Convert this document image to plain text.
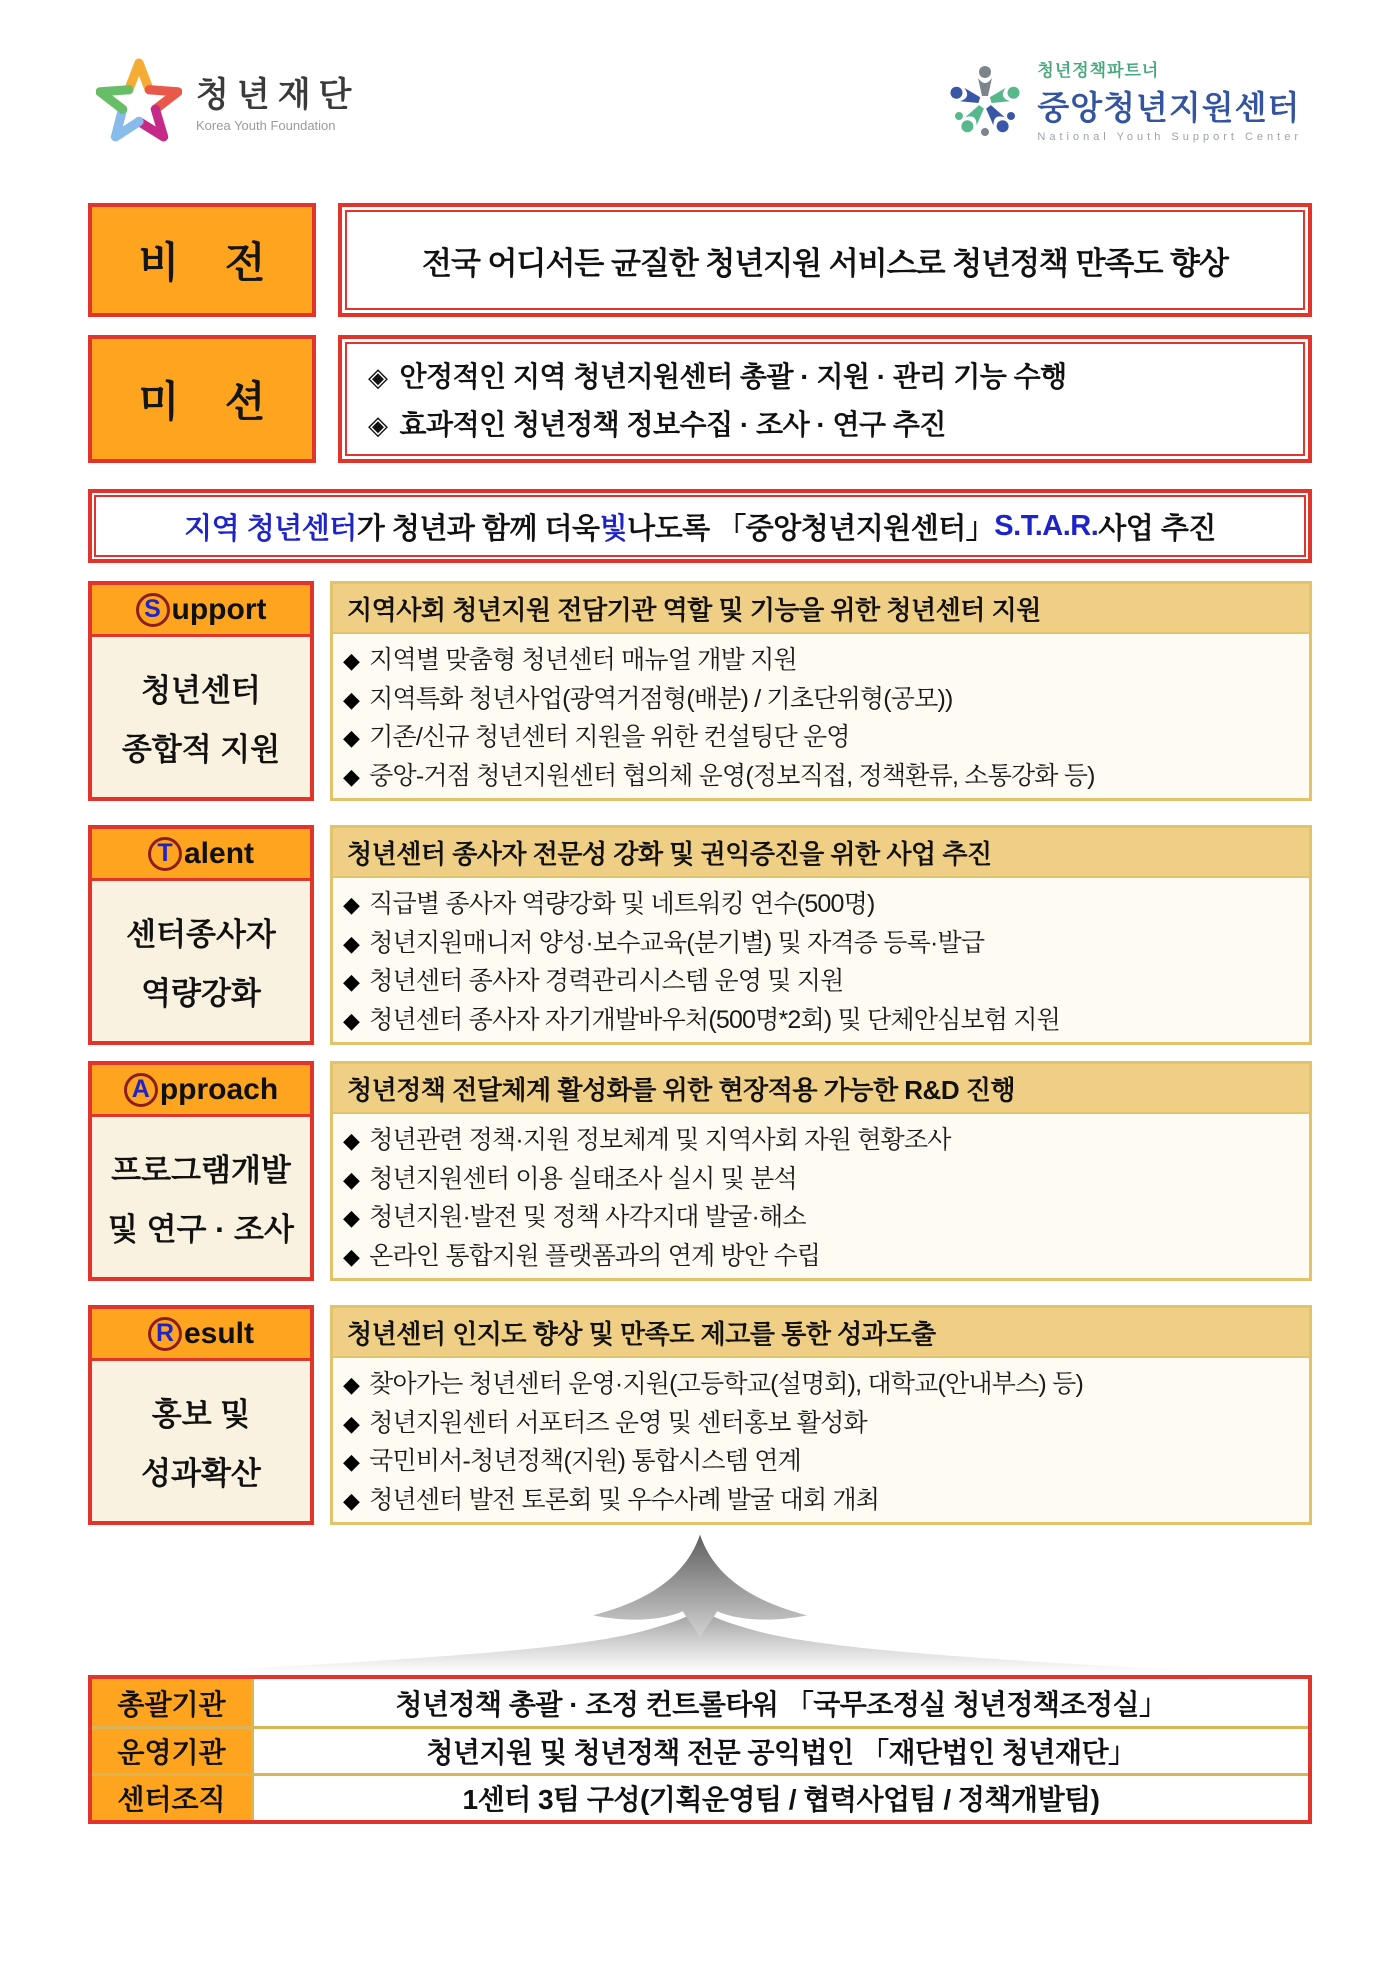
청년재단
Korea Youth Foundation
청년정책파트너
중앙청년지원센터
National Youth Support Center
비 전	전국 어디서든 균질한 청년지원 서비스로 청년정책 만족도 향상
미 션
◈ 안정적인 지역 청년지원센터 총괄 · 지원 · 관리 기능 수행
◈ 효과적인 청년정책 정보수집 · 조사 · 연구 추진
지역 청년센터 가 청년과 함께 더욱 빛 나도록 「중앙청년지원센터」 S.T.A.R. 사업 추진
S upport
청년센터
종합적 지원
지역사회 청년지원 전담기관 역할 및 기능을 위한 청년센터 지원
◆ 지역별 맞춤형 청년센터 매뉴얼 개발 지원
◆ 지역특화 청년사업(광역거점형(배분) / 기초단위형(공모))
◆ 기존/신규 청년센터 지원을 위한 컨설팅단 운영
◆ 중앙-거점 청년지원센터 협의체 운영(정보직접, 정책환류, 소통강화 등)
T alent
센터종사자
역량강화
청년센터 종사자 전문성 강화 및 권익증진을 위한 사업 추진
◆ 직급별 종사자 역량강화 및 네트워킹 연수(500명)
◆ 청년지원매니저 양성·보수교육(분기별) 및 자격증 등록·발급
◆ 청년센터 종사자 경력관리시스템 운영 및 지원
◆ 청년센터 종사자 자기개발바우처(500명*2회) 및 단체안심보험 지원
A pproach
프로그램개발
및 연구 · 조사
청년정책 전달체계 활성화를 위한 현장적용 가능한 R&D 진행
◆ 청년관련 정책·지원 정보체계 및 지역사회 자원 현황조사
◆ 청년지원센터 이용 실태조사 실시 및 분석
◆ 청년지원·발전 및 정책 사각지대 발굴·해소
◆ 온라인 통합지원 플랫폼과의 연계 방안 수립
R esult
홍보 및
성과확산
청년센터 인지도 향상 및 만족도 제고를 통한 성과도출
◆ 찾아가는 청년센터 운영·지원(고등학교(설명회), 대학교(안내부스) 등)
◆ 청년지원센터 서포터즈 운영 및 센터홍보 활성화
◆ 국민비서-청년정책(지원) 통합시스템 연계
◆ 청년센터 발전 토론회 및 우수사례 발굴 대회 개최
총괄기관	청년정책 총괄 · 조정 컨트롤타워 「국무조정실 청년정책조정실」
운영기관	청년지원 및 청년정책 전문 공익법인 「재단법인 청년재단」
센터조직	1센터 3팀 구성(기획운영팀 / 협력사업팀 / 정책개발팀)
